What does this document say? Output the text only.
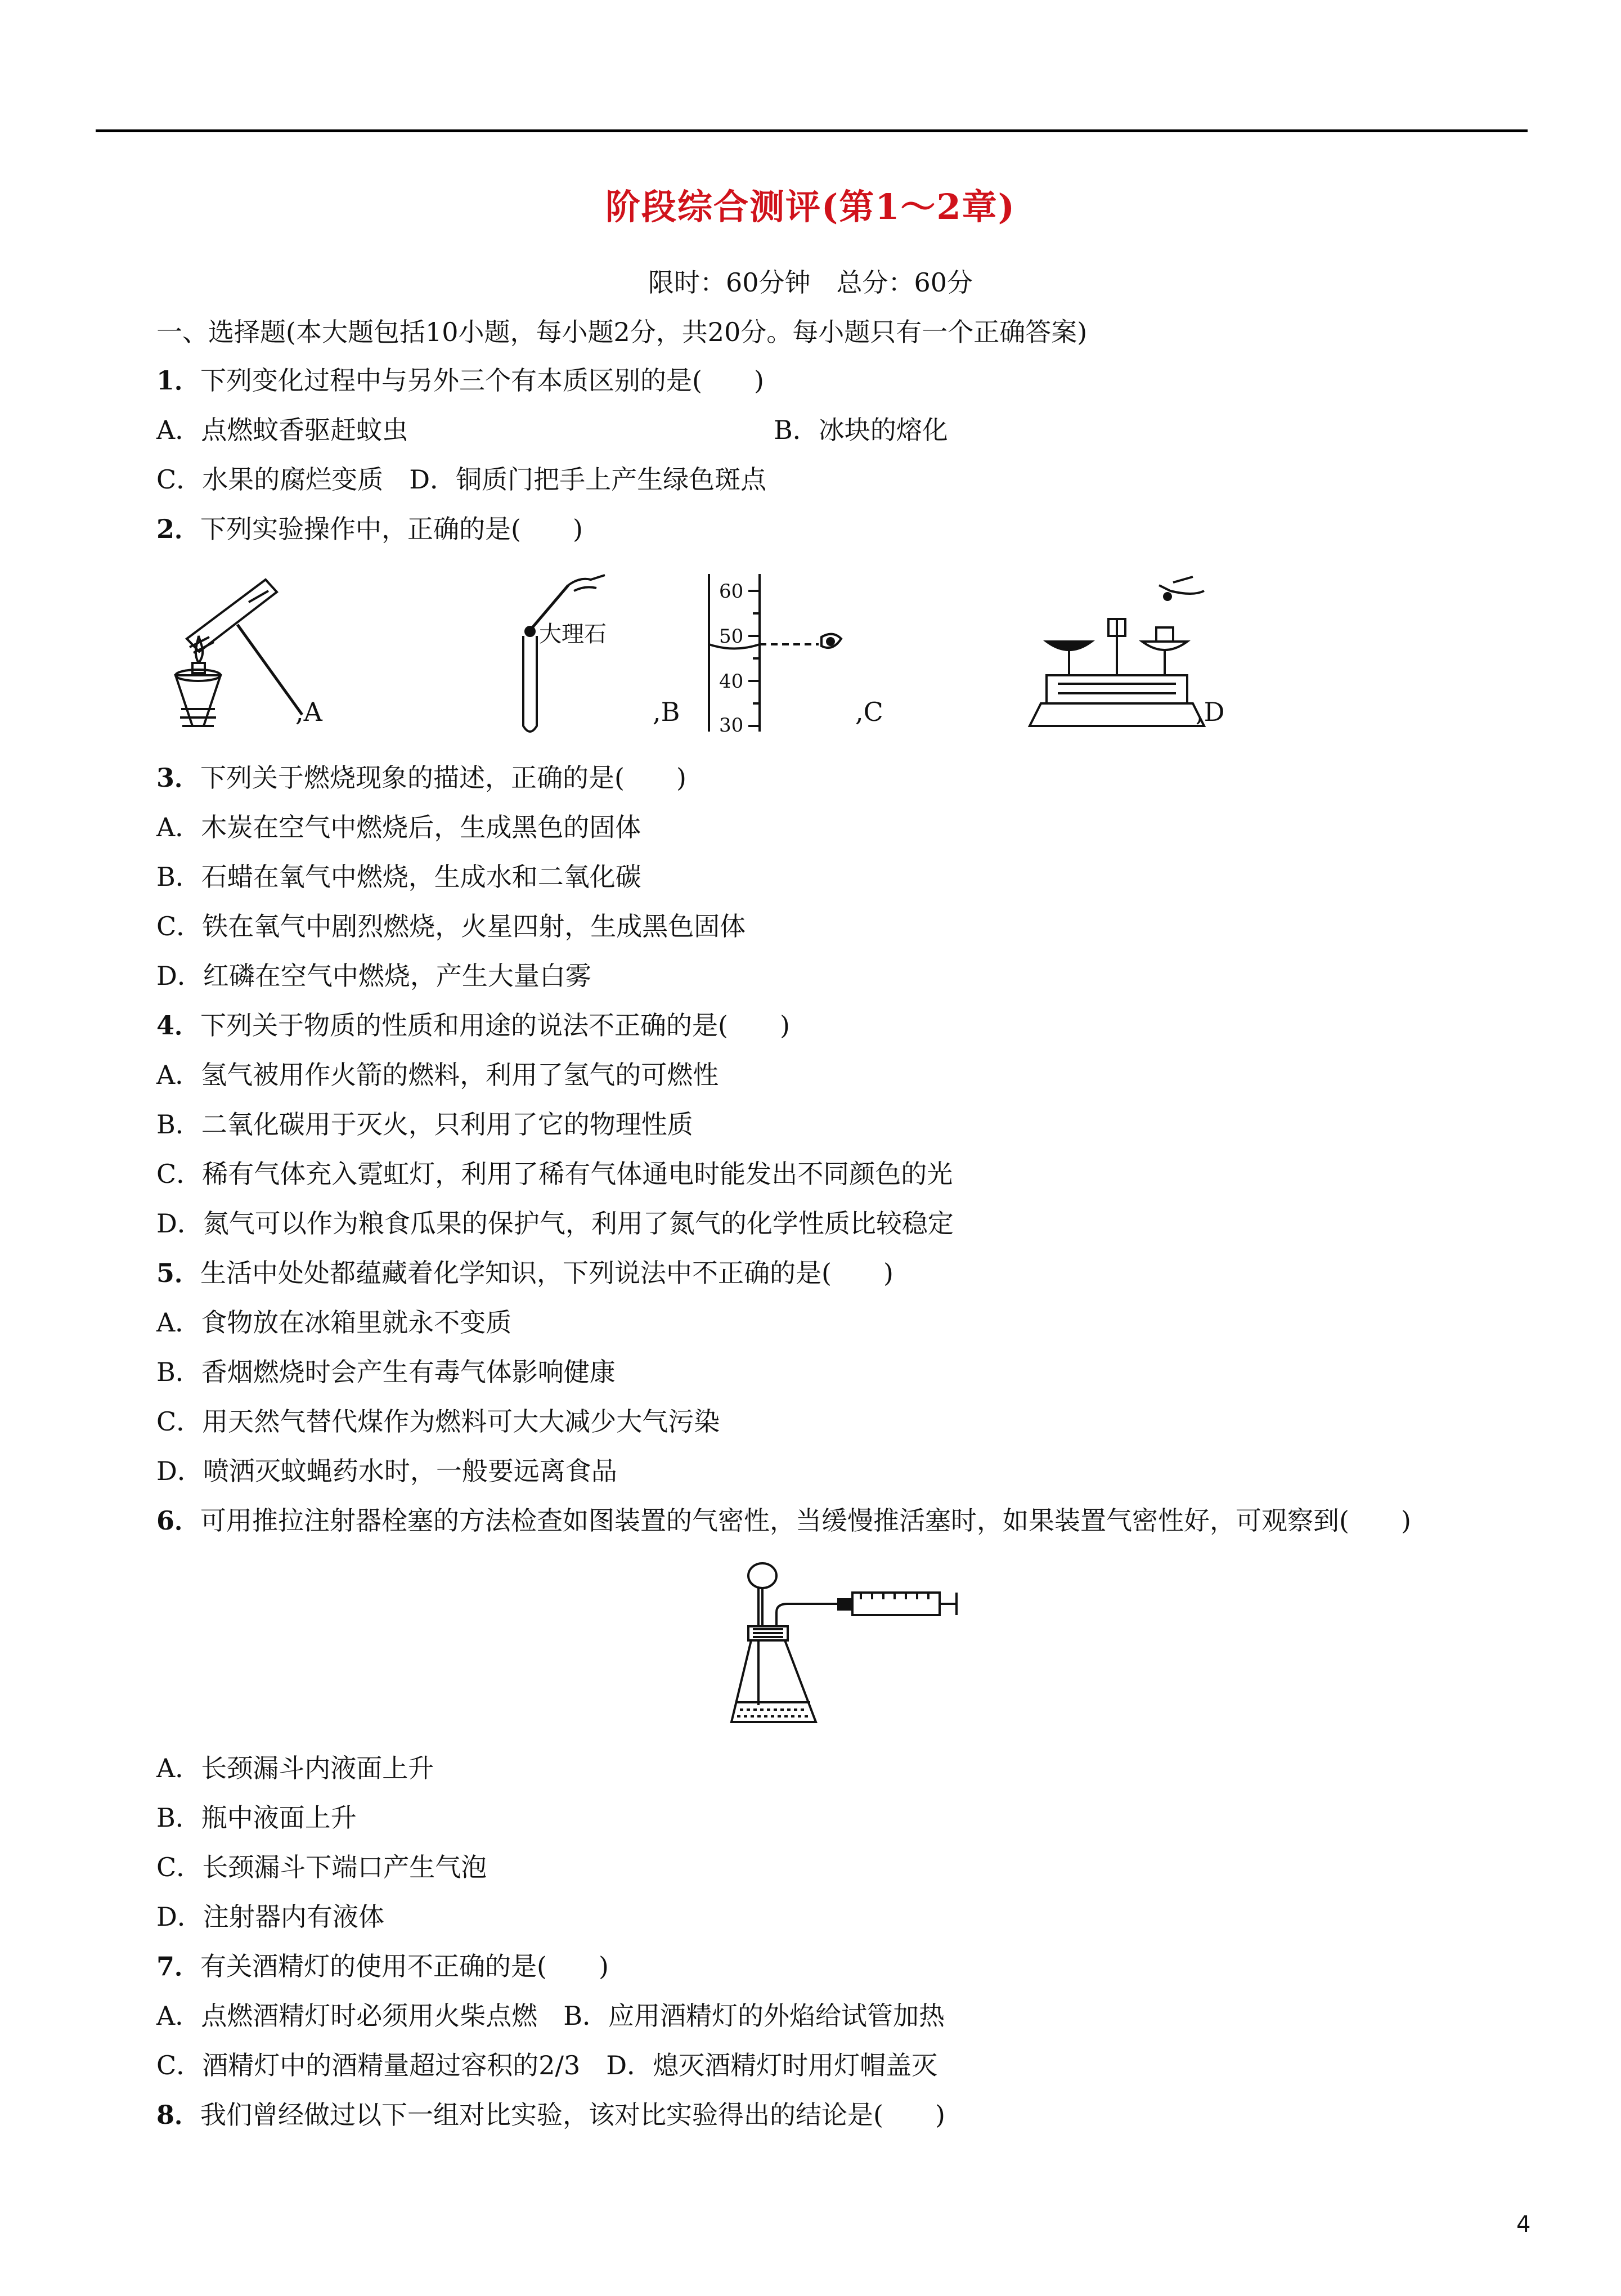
阶段综合测评(第1～2章)
限时：60分钟　总分：60分
一、选择题(本大题包括10小题，每小题2分，共20分。每小题只有一个正确答案)
1．下列变化过程中与另外三个有本质区别的是(　　)
A．点燃蚊香驱赶蚊虫	B．冰块的熔化
C．水果的腐烂变质　D．铜质门把手上产生绿色斑点
2．下列实验操作中，正确的是(　　)
,A
大理石
,B
60
50
40
30	,C	,D
3．下列关于燃烧现象的描述，正确的是(　　)
A．木炭在空气中燃烧后，生成黑色的固体
B．石蜡在氧气中燃烧，生成水和二氧化碳
C．铁在氧气中剧烈燃烧，火星四射，生成黑色固体
D．红磷在空气中燃烧，产生大量白雾
4．下列关于物质的性质和用途的说法不正确的是(　　)
A．氢气被用作火箭的燃料，利用了氢气的可燃性
B．二氧化碳用于灭火，只利用了它的物理性质
C．稀有气体充入霓虹灯，利用了稀有气体通电时能发出不同颜色的光
D．氮气可以作为粮食瓜果的保护气，利用了氮气的化学性质比较稳定
5．生活中处处都蕴藏着化学知识，下列说法中不正确的是(　　)
A．食物放在冰箱里就永不变质
B．香烟燃烧时会产生有毒气体影响健康
C．用天然气替代煤作为燃料可大大减少大气污染
D．喷洒灭蚊蝇药水时，一般要远离食品
6．可用推拉注射器栓塞的方法检查如图装置的气密性，当缓慢推活塞时，如果装置气密性好，可观察到(　　)
A．长颈漏斗内液面上升
B．瓶中液面上升
C．长颈漏斗下端口产生气泡
D．注射器内有液体
7．有关酒精灯的使用不正确的是(　　)
A．点燃酒精灯时必须用火柴点燃　B．应用酒精灯的外焰给试管加热
C．酒精灯中的酒精量超过容积的2/3　D．熄灭酒精灯时用灯帽盖灭
8．我们曾经做过以下一组对比实验，该对比实验得出的结论是(　　)
4
